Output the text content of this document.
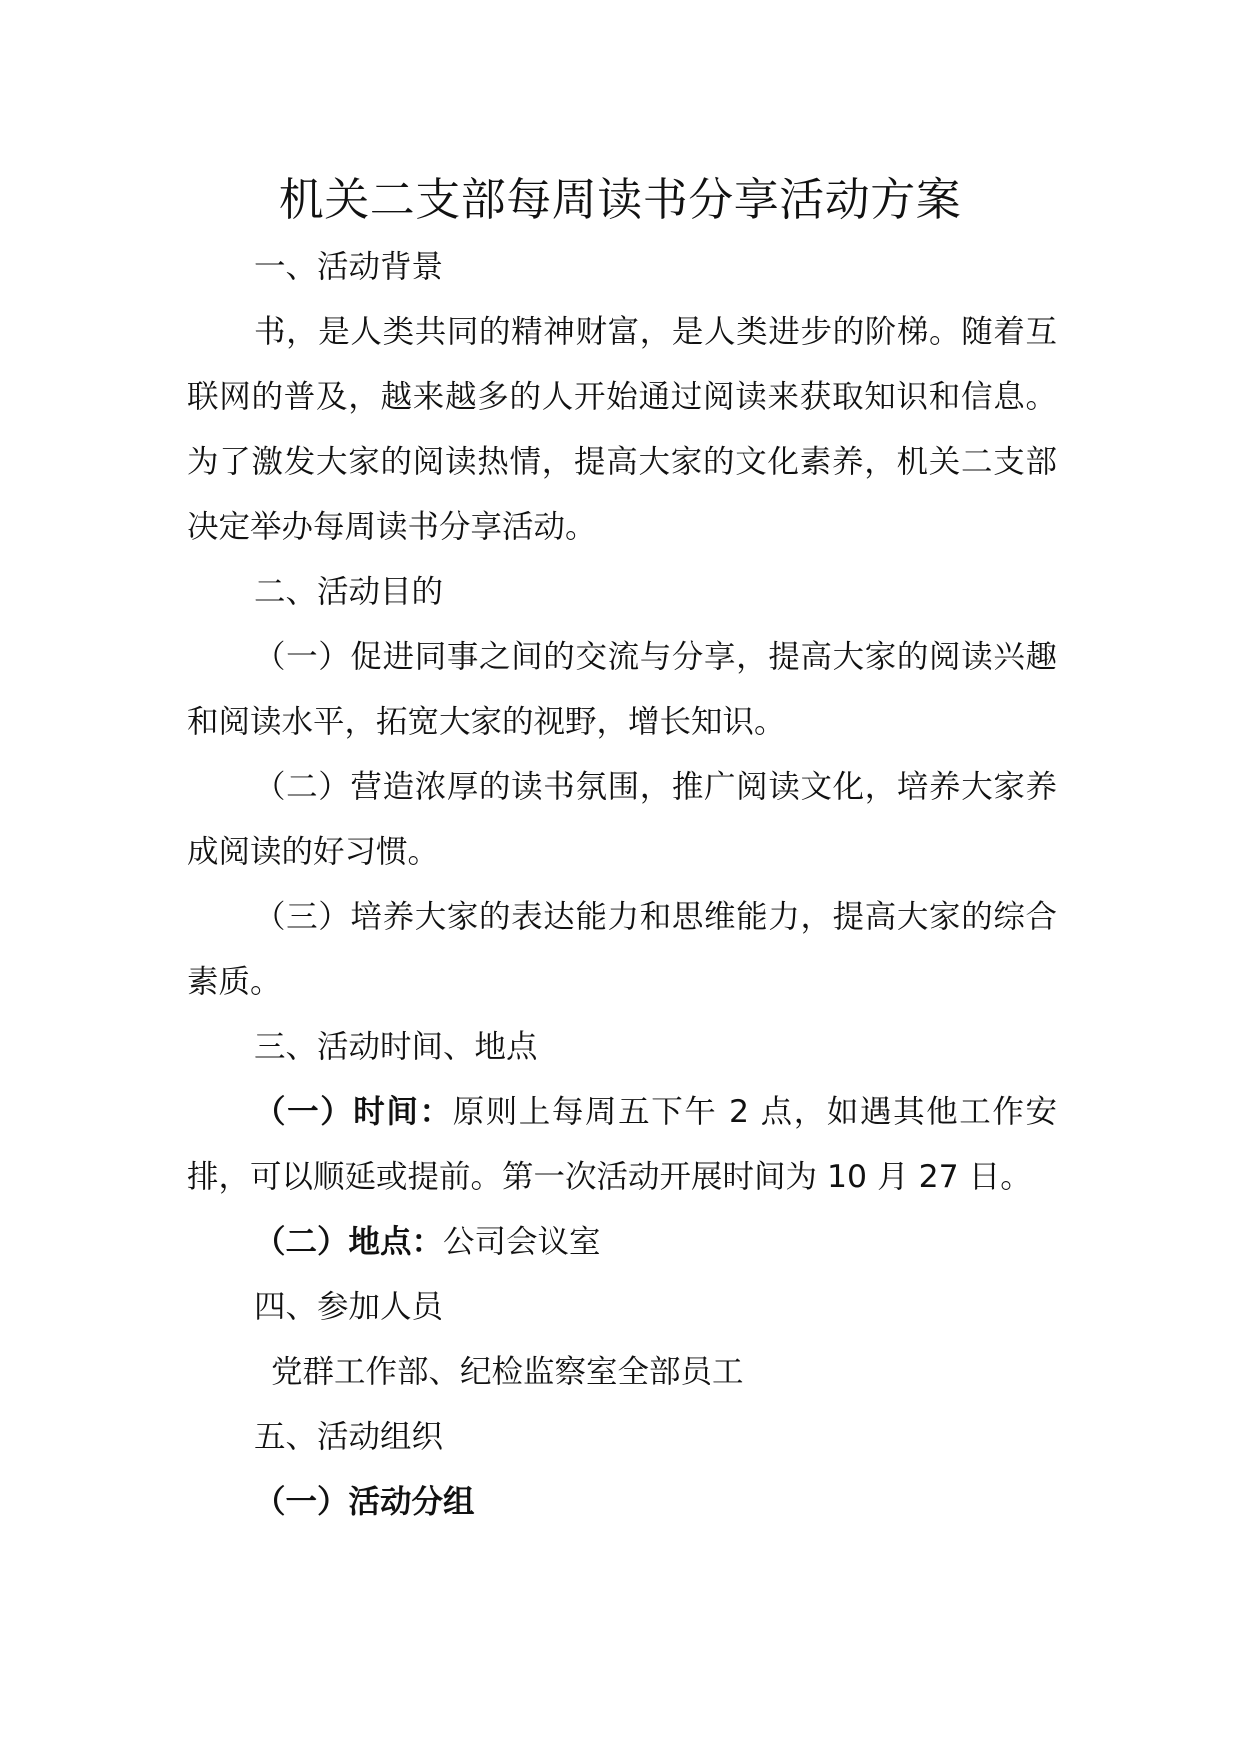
机关二支部每周读书分享活动方案

一、活动背景

书，是人类共同的精神财富，是人类进步的阶梯。随着互联网的普及，越来越多的人开始通过阅读来获取知识和信息。为了激发大家的阅读热情，提高大家的文化素养，机关二支部决定举办每周读书分享活动。

二、活动目的

（一）促进同事之间的交流与分享，提高大家的阅读兴趣和阅读水平，拓宽大家的视野，增长知识。

（二）营造浓厚的读书氛围，推广阅读文化，培养大家养成阅读的好习惯。

（三）培养大家的表达能力和思维能力，提高大家的综合素质。

三、活动时间、地点

（一）时间：原则上每周五下午 2 点，如遇其他工作安排，可以顺延或提前。第一次活动开展时间为 10 月 27 日。

（二）地点：公司会议室

四、参加人员

党群工作部、纪检监察室全部员工

五、活动组织

（一）活动分组
